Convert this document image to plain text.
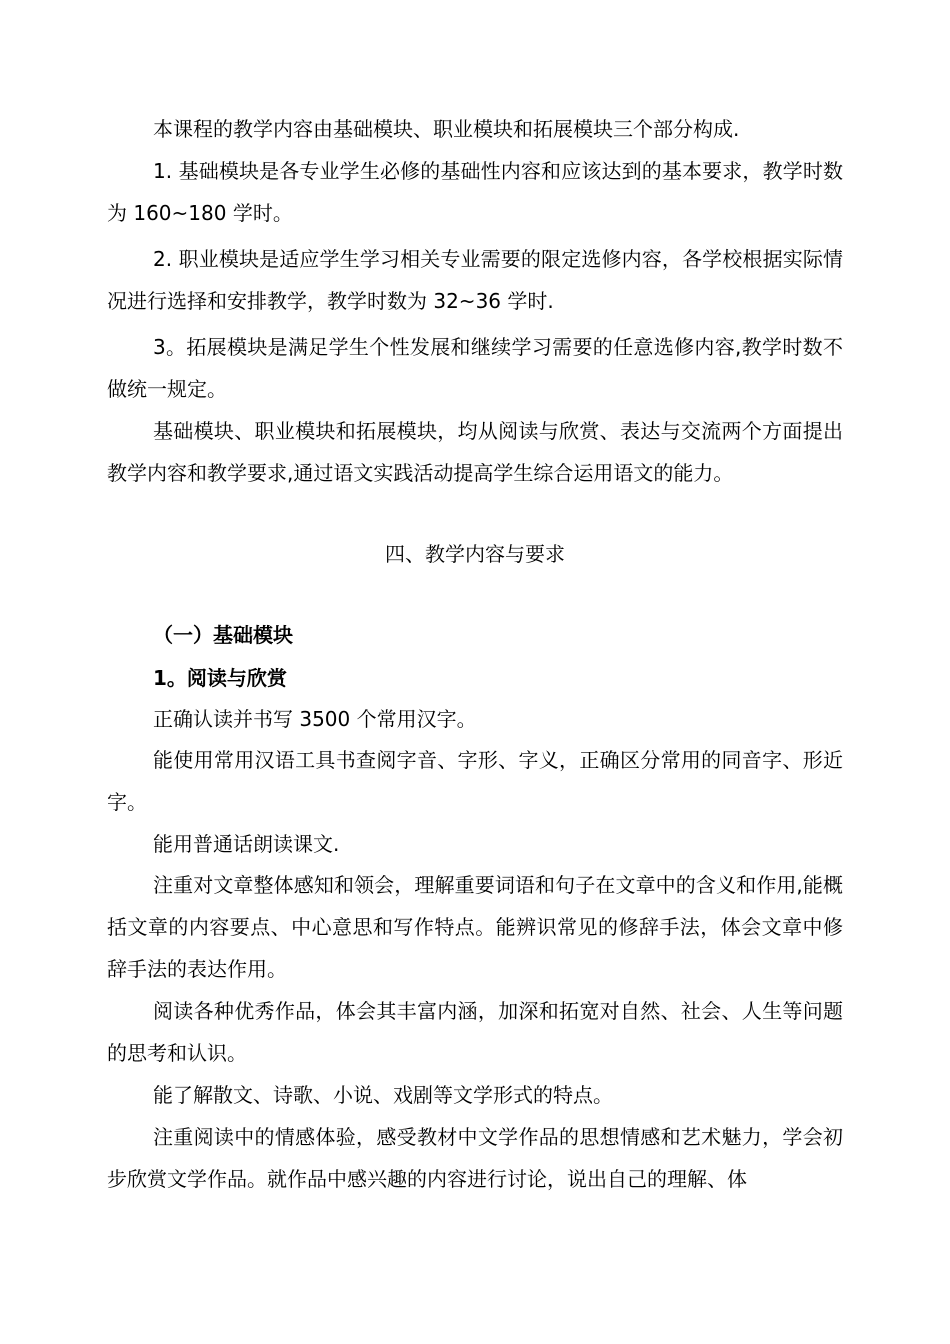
本课程的教学内容由基础模块、职业模块和拓展模块三个部分构成.

1. 基础模块是各专业学生必修的基础性内容和应该达到的基本要求，教学时数为 160~180 学时。

2. 职业模块是适应学生学习相关专业需要的限定选修内容，各学校根据实际情况进行选择和安排教学，教学时数为 32~36 学时.

3。拓展模块是满足学生个性发展和继续学习需要的任意选修内容,教学时数不做统一规定。

基础模块、职业模块和拓展模块，均从阅读与欣赏、表达与交流两个方面提出教学内容和教学要求,通过语文实践活动提高学生综合运用语文的能力。

四、教学内容与要求
（一）基础模块
1。阅读与欣赏

正确认读并书写 3500 个常用汉字。

能使用常用汉语工具书查阅字音、字形、字义，正确区分常用的同音字、形近字。

能用普通话朗读课文.

注重对文章整体感知和领会，理解重要词语和句子在文章中的含义和作用,能概括文章的内容要点、中心意思和写作特点。能辨识常见的修辞手法，体会文章中修辞手法的表达作用。

阅读各种优秀作品，体会其丰富内涵，加深和拓宽对自然、社会、人生等问题的思考和认识。

能了解散文、诗歌、小说、戏剧等文学形式的特点。

注重阅读中的情感体验，感受教材中文学作品的思想情感和艺术魅力，学会初步欣赏文学作品。就作品中感兴趣的内容进行讨论，说出自己的理解、体
